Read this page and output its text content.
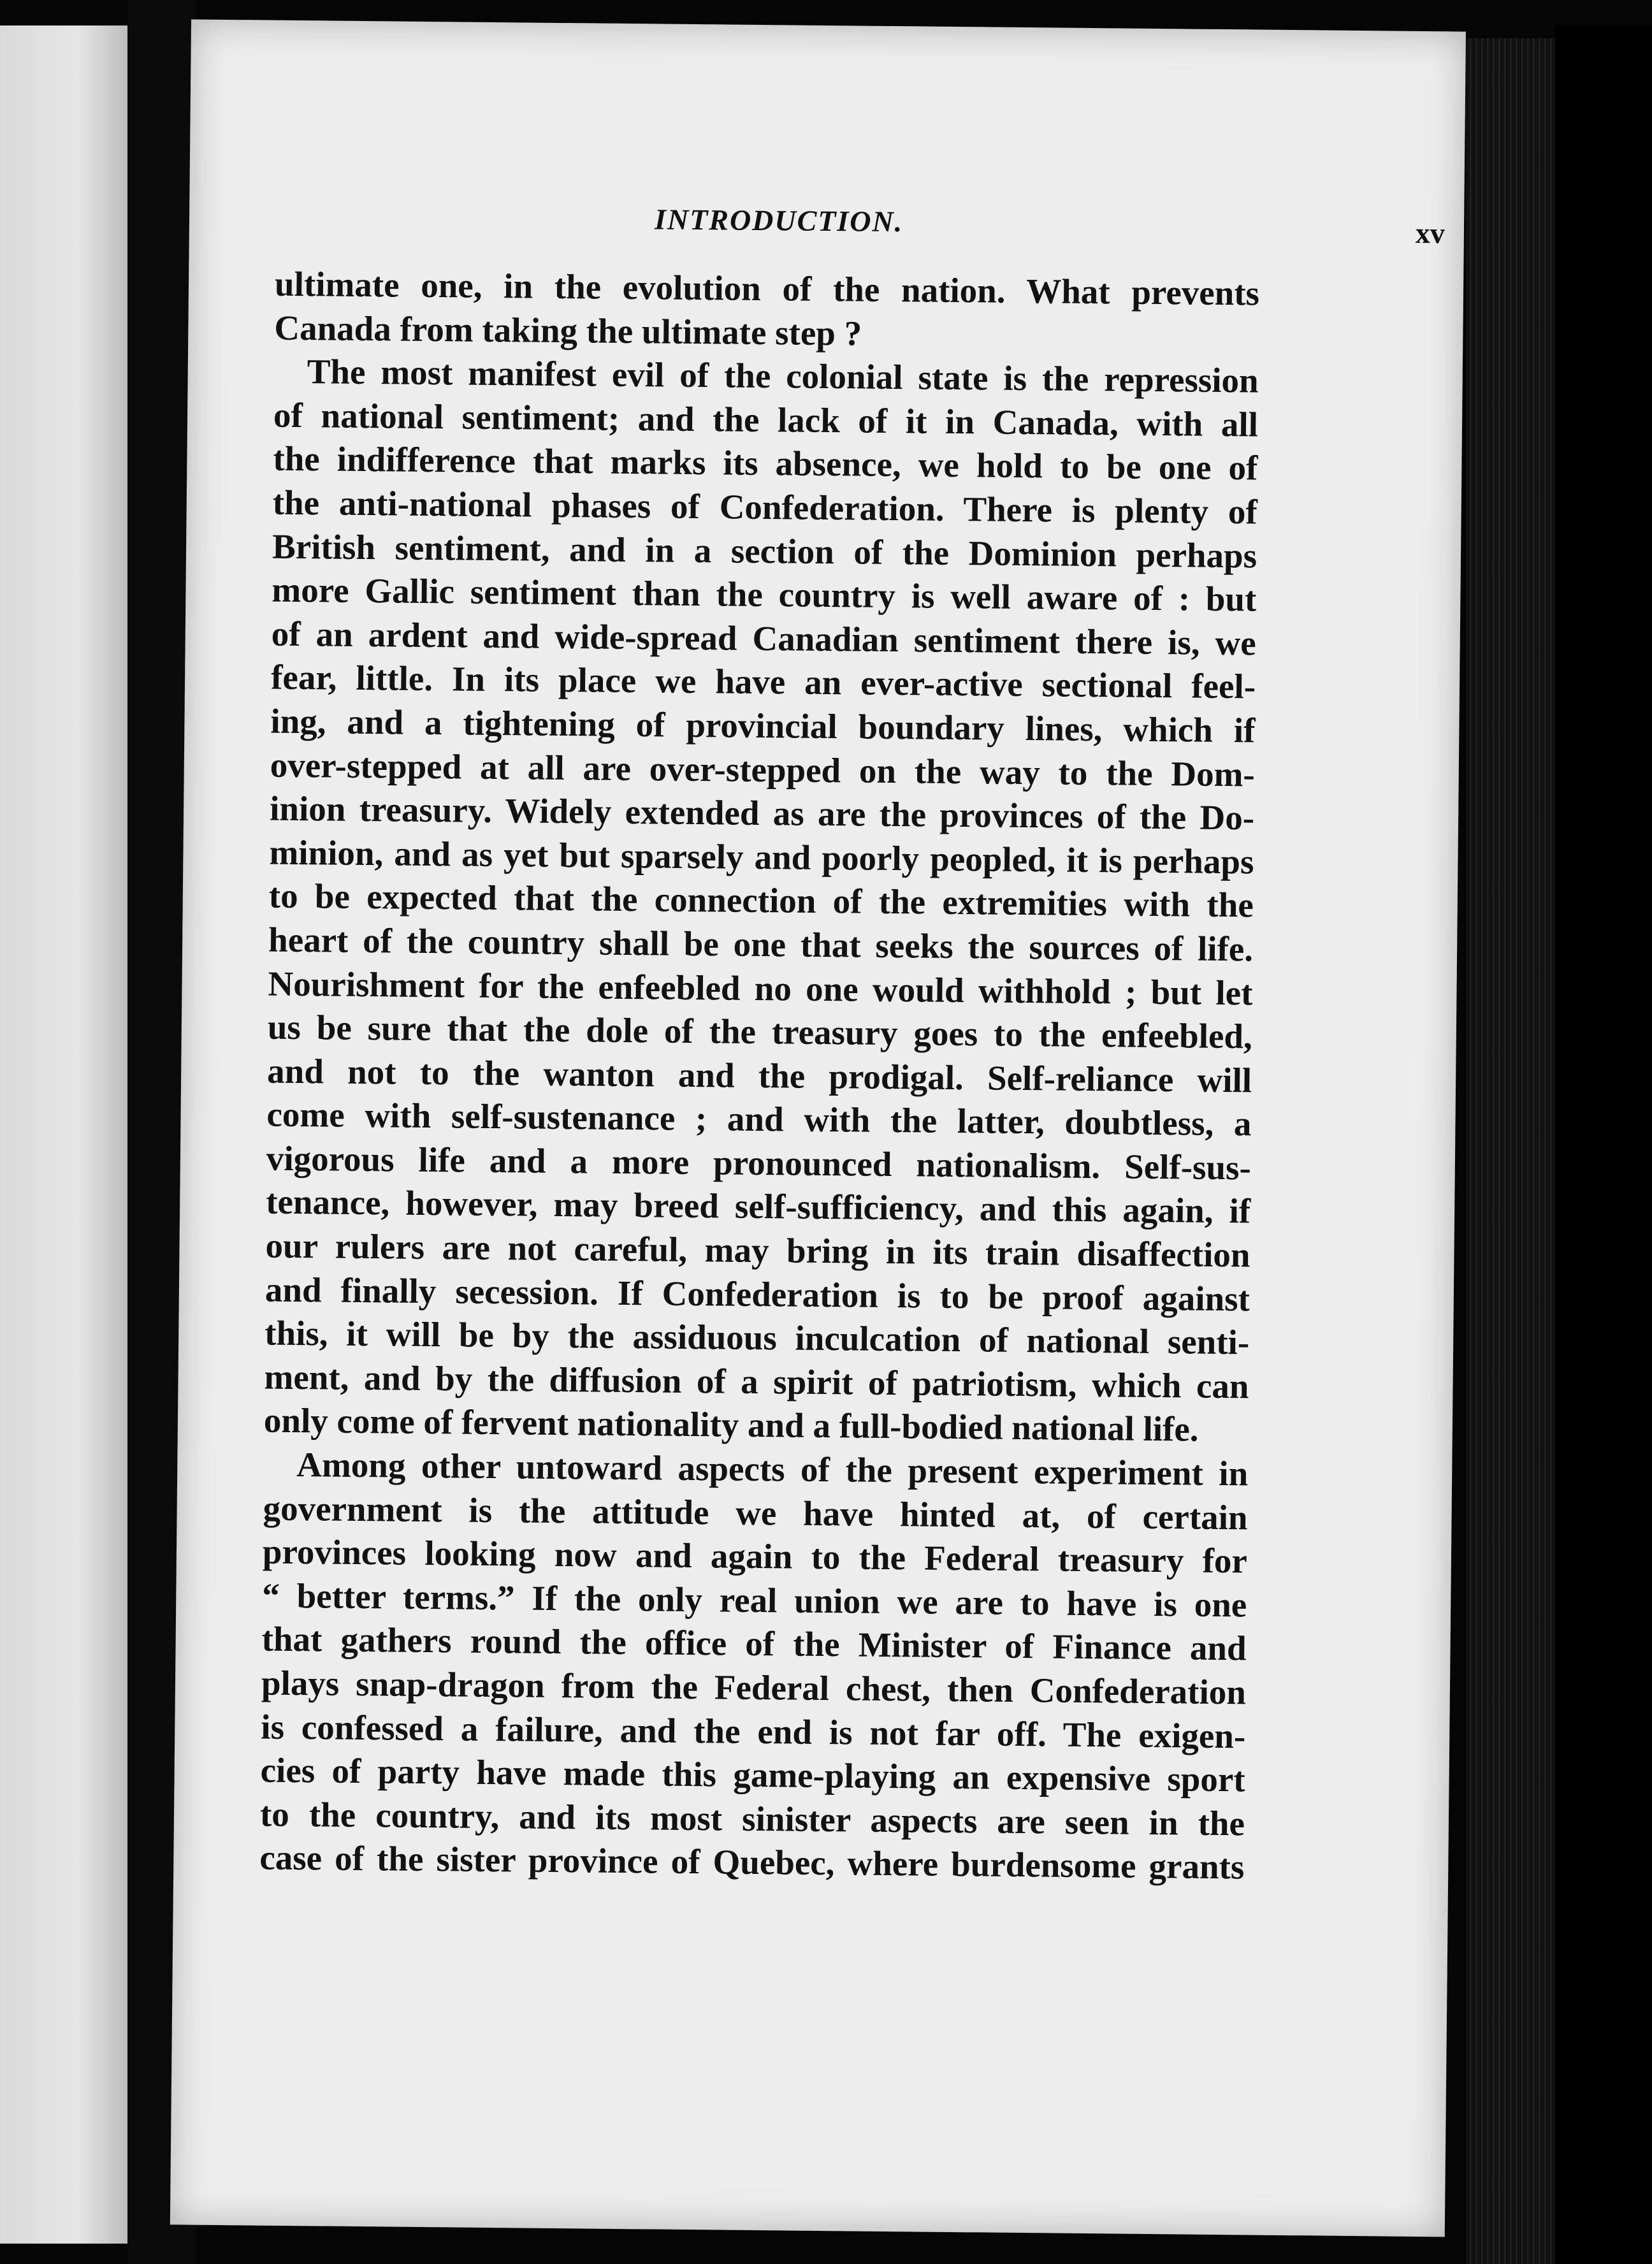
INTRODUCTION.	xv
ultimate one, in the evolution of the nation. What prevents
Canada from taking the ultimate step ?
The most manifest evil of the colonial state is the repression
of national sentiment; and the lack of it in Canada, with all
the indifference that marks its absence, we hold to be one of
the anti-national phases of Confederation. There is plenty of
British sentiment, and in a section of the Dominion perhaps
more Gallic sentiment than the country is well aware of : but
of an ardent and wide-spread Canadian sentiment there is, we
fear, little. In its place we have an ever-active sectional feel-
ing, and a tightening of provincial boundary lines, which if
over-stepped at all are over-stepped on the way to the Dom-
inion treasury. Widely extended as are the provinces of the Do-
minion, and as yet but sparsely and poorly peopled, it is perhaps
to be expected that the connection of the extremities with the
heart of the country shall be one that seeks the sources of life.
Nourishment for the enfeebled no one would withhold ; but let
us be sure that the dole of the treasury goes to the enfeebled,
and not to the wanton and the prodigal. Self-reliance will
come with self-sustenance ; and with the latter, doubtless, a
vigorous life and a more pronounced nationalism. Self-sus-
tenance, however, may breed self-sufficiency, and this again, if
our rulers are not careful, may bring in its train disaffection
and finally secession. If Confederation is to be proof against
this, it will be by the assiduous inculcation of national senti-
ment, and by the diffusion of a spirit of patriotism, which can
only come of fervent nationality and a full-bodied national life.
Among other untoward aspects of the present experiment in
government is the attitude we have hinted at, of certain
provinces looking now and again to the Federal treasury for
“ better terms.” If the only real union we are to have is one
that gathers round the office of the Minister of Finance and
plays snap-dragon from the Federal chest, then Confederation
is confessed a failure, and the end is not far off. The exigen-
cies of party have made this game-playing an expensive sport
to the country, and its most sinister aspects are seen in the
case of the sister province of Quebec, where burdensome grants
